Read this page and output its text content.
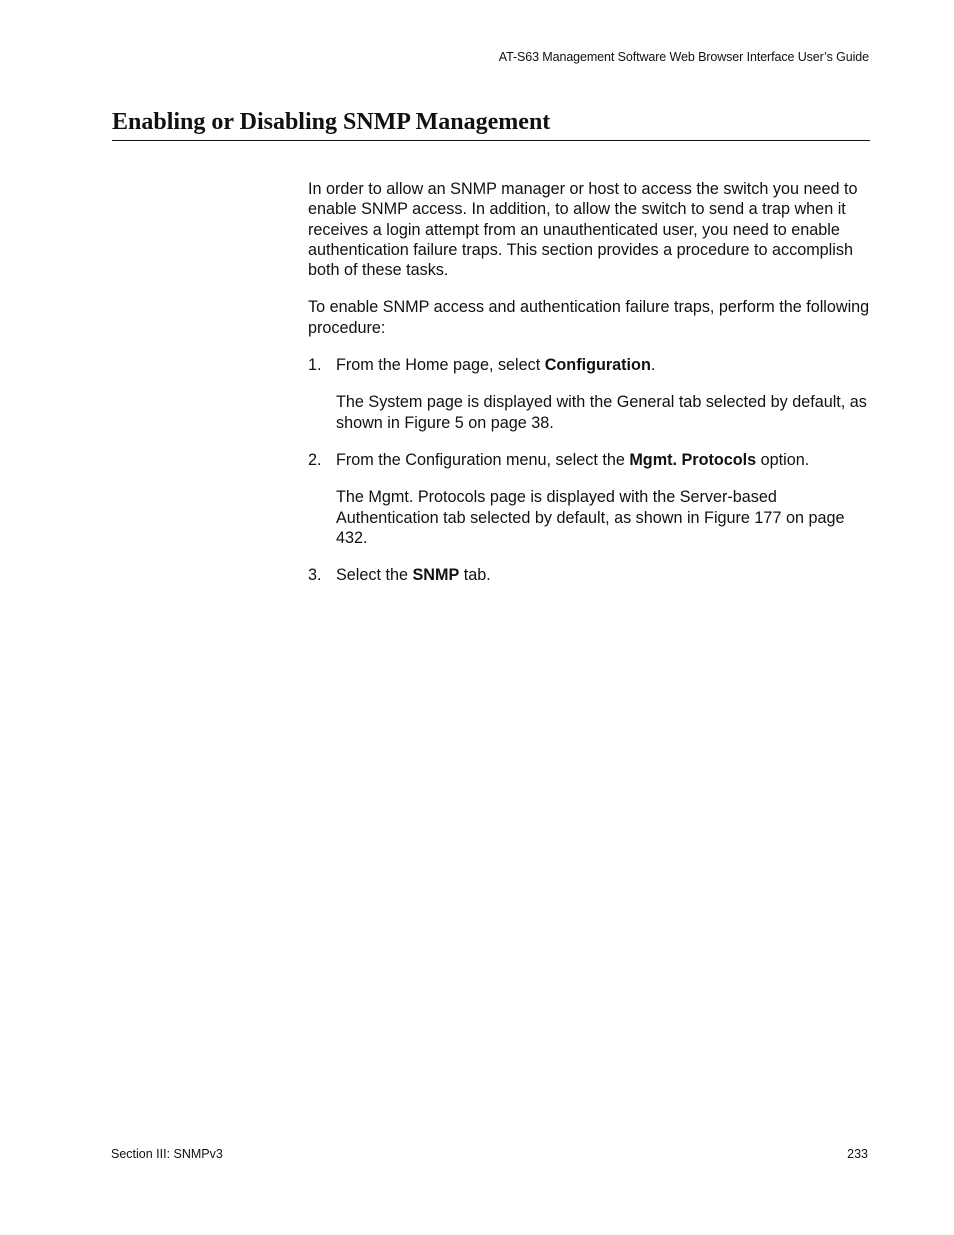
AT-S63 Management Software Web Browser Interface User’s Guide
Enabling or Disabling SNMP Management

In order to allow an SNMP manager or host to access the switch you need to enable SNMP access. In addition, to allow the switch to send a trap when it receives a login attempt from an unauthenticated user, you need to enable authentication failure traps. This section provides a procedure to accomplish both of these tasks.

To enable SNMP access and authentication failure traps, perform the following procedure:

1. From the Home page, select Configuration.

The System page is displayed with the General tab selected by default, as shown in Figure 5 on page 38.

2. From the Configuration menu, select the Mgmt. Protocols option.

The Mgmt. Protocols page is displayed with the Server-based Authentication tab selected by default, as shown in Figure 177 on page 432.

3. Select the SNMP tab.
Section III: SNMPv3	233
